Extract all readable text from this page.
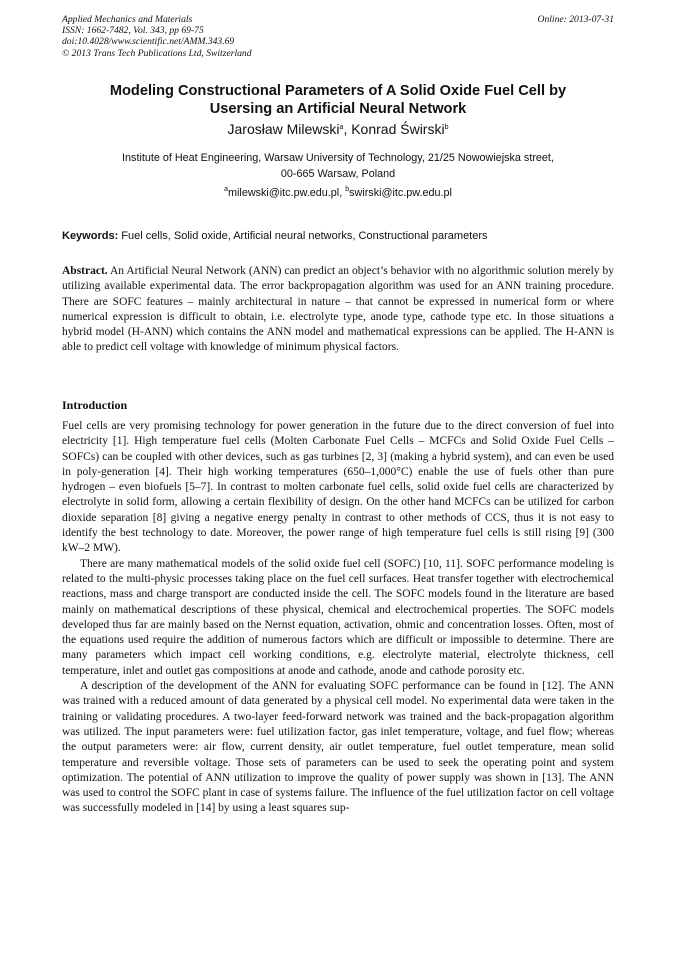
Applied Mechanics and Materials
ISSN: 1662-7482, Vol. 343, pp 69-75
doi:10.4028/www.scientific.net/AMM.343.69
© 2013 Trans Tech Publications Ltd, Switzerland
Online: 2013-07-31
Modeling Constructional Parameters of A Solid Oxide Fuel Cell by
Usersing an Artificial Neural Network
Jarosław Milewski$^a$, Konrad Świrski$^b$
Institute of Heat Engineering, Warsaw University of Technology, 21/25 Nowowiejska street,
00-665 Warsaw, Poland
$^a$milewski@itc.pw.edu.pl, $^b$swirski@itc.pw.edu.pl
Keywords: Fuel cells, Solid oxide, Artificial neural networks, Constructional parameters

Abstract. An Artificial Neural Network (ANN) can predict an object’s behavior with no algorithmic solution merely by utilizing available experimental data. The error backpropagation algorithm was used for an ANN training procedure. There are SOFC features – mainly architectural in nature – that cannot be expressed in numerical form or where numerical expression is difficult to obtain, i.e. electrolyte type, anode type, cathode type etc. In those situations a hybrid model (H-ANN) which contains the ANN model and mathematical expressions can be applied. The H-ANN is able to predict cell voltage with knowledge of minimum physical factors.

Introduction

Fuel cells are very promising technology for power generation in the future due to the direct conversion of fuel into electricity [1]. High temperature fuel cells (Molten Carbonate Fuel Cells – MCFCs and Solid Oxide Fuel Cells – SOFCs) can be coupled with other devices, such as gas turbines [2, 3] (making a hybrid system), and can even be used in poly-generation [4]. Their high working temperatures (650–1,000°C) enable the use of fuels other than pure hydrogen – even biofuels [5–7]. In contrast to molten carbonate fuel cells, solid oxide fuel cells are characterized by electrolyte in solid form, allowing a certain flexibility of design. On the other hand MCFCs can be utilized for carbon dioxide separation [8] giving a negative energy penalty in contrast to other methods of CCS, thus it is not easy to identify the best technology to date. Moreover, the power range of high temperature fuel cells is still rising [9] (300 kW–2 MW).

There are many mathematical models of the solid oxide fuel cell (SOFC) [10, 11]. SOFC performance modeling is related to the multi-physic processes taking place on the fuel cell surfaces. Heat transfer together with electrochemical reactions, mass and charge transport are conducted inside the cell. The SOFC models found in the literature are based mainly on mathematical descriptions of these physical, chemical and electrochemical properties. The SOFC models developed thus far are mainly based on the Nernst equation, activation, ohmic and concentration losses. Often, most of the equations used require the addition of numerous factors which are difficult or impossible to determine. There are many parameters which impact cell working conditions, e.g. electrolyte material, electrolyte thickness, cell temperature, inlet and outlet gas compositions at anode and cathode, anode and cathode porosity etc.

A description of the development of the ANN for evaluating SOFC performance can be found in [12]. The ANN was trained with a reduced amount of data generated by a physical cell model. No experimental data were taken in the training or validating procedures. A two-layer feed-forward network was trained and the back-propagation algorithm was utilized. The input parameters were: fuel utilization factor, gas inlet temperature, voltage, and fuel flow; whereas the output parameters were: air flow, current density, air outlet temperature, fuel outlet temperature, mean solid temperature and reversible voltage. Those sets of parameters can be used to seek the operating point and system optimization. The potential of ANN utilization to improve the quality of power supply was shown in [13]. The ANN was used to control the SOFC plant in case of systems failure. The influence of the fuel utilization factor on cell voltage was successfully modeled in [14] by using a least squares sup-
